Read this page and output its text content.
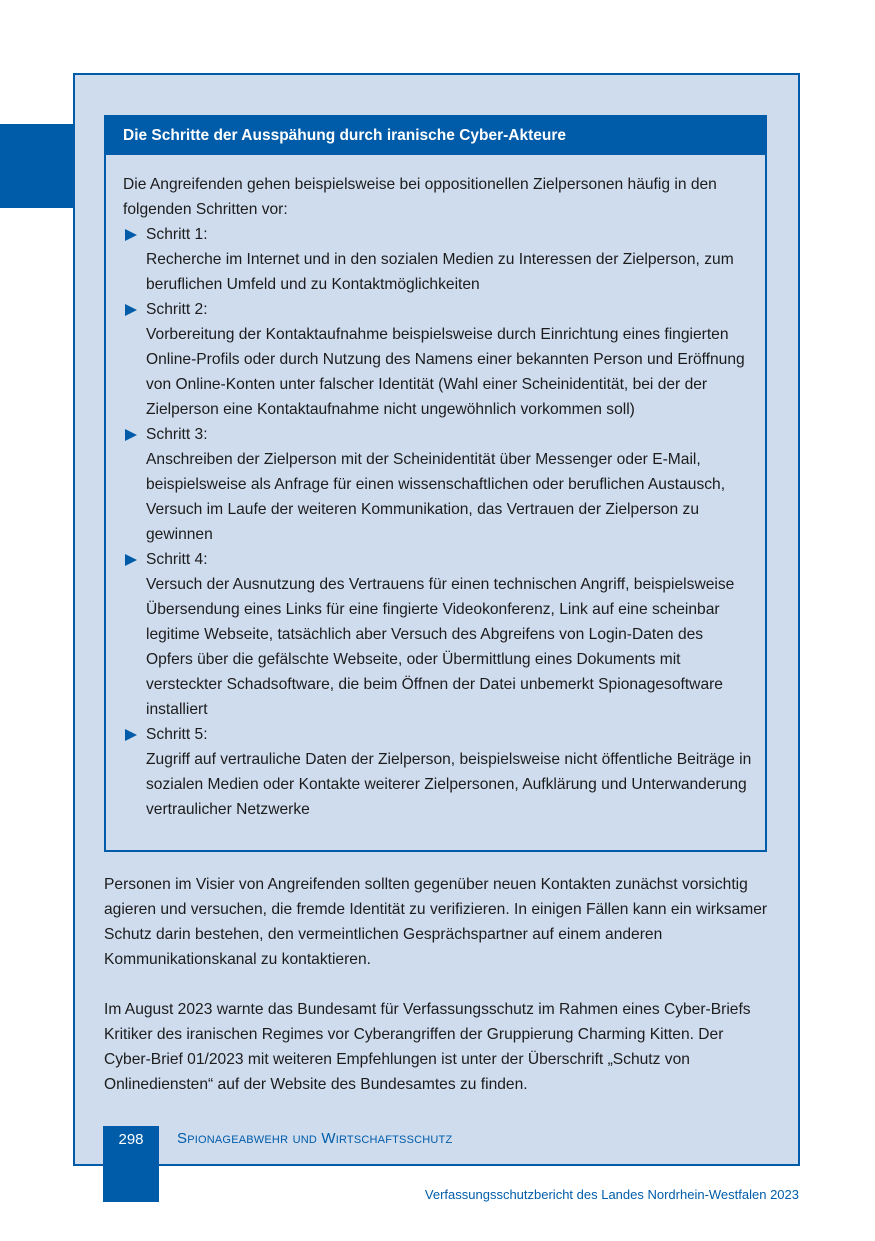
Die Schritte der Ausspähung durch iranische Cyber-Akteure

Die Angreifenden gehen beispielsweise bei oppositionellen Zielpersonen häufig in den folgenden Schritten vor:

Schritt 1:
Recherche im Internet und in den sozialen Medien zu Interessen der Zielperson, zum beruflichen Umfeld und zu Kontaktmöglichkeiten
Schritt 2:
Vorbereitung der Kontaktaufnahme beispielsweise durch Einrichtung eines fingierten Online-Profils oder durch Nutzung des Namens einer bekannten Person und Eröffnung von Online-Konten unter falscher Identität (Wahl einer Scheinidentität, bei der der Zielperson eine Kontaktaufnahme nicht ungewöhnlich vorkommen soll)
Schritt 3:
Anschreiben der Zielperson mit der Scheinidentität über Messenger oder E-Mail, beispielsweise als Anfrage für einen wissenschaftlichen oder beruflichen Austausch, Versuch im Laufe der weiteren Kommunikation, das Vertrauen der Zielperson zu gewinnen
Schritt 4:
Versuch der Ausnutzung des Vertrauens für einen technischen Angriff, beispielsweise Übersendung eines Links für eine fingierte Videokonferenz, Link auf eine scheinbar legitime Webseite, tatsächlich aber Versuch des Abgreifens von Login-Daten des Opfers über die gefälschte Webseite, oder Übermittlung eines Dokuments mit versteckter Schadsoftware, die beim Öffnen der Datei unbemerkt Spionagesoftware installiert
Schritt 5:
Zugriff auf vertrauliche Daten der Zielperson, beispielsweise nicht öffentliche Beiträge in sozialen Medien oder Kontakte weiterer Zielpersonen, Aufklärung und Unterwanderung vertraulicher Netzwerke

Personen im Visier von Angreifenden sollten gegenüber neuen Kontakten zunächst vorsichtig agieren und versuchen, die fremde Identität zu verifizieren. In einigen Fällen kann ein wirksamer Schutz darin bestehen, den vermeintlichen Gesprächspartner auf einem anderen Kommunikationskanal zu kontaktieren.

Im August 2023 warnte das Bundesamt für Verfassungsschutz im Rahmen eines Cyber-Briefs Kritiker des iranischen Regimes vor Cyberangriffen der Gruppierung Charming Kitten. Der Cyber-Brief 01/2023 mit weiteren Empfehlungen ist unter der Überschrift „Schutz von Onlinediensten“ auf der Website des Bundesamtes zu finden.

298	Spionageabwehr und Wirtschaftsschutz
Verfassungsschutzbericht des Landes Nordrhein-Westfalen 2023
